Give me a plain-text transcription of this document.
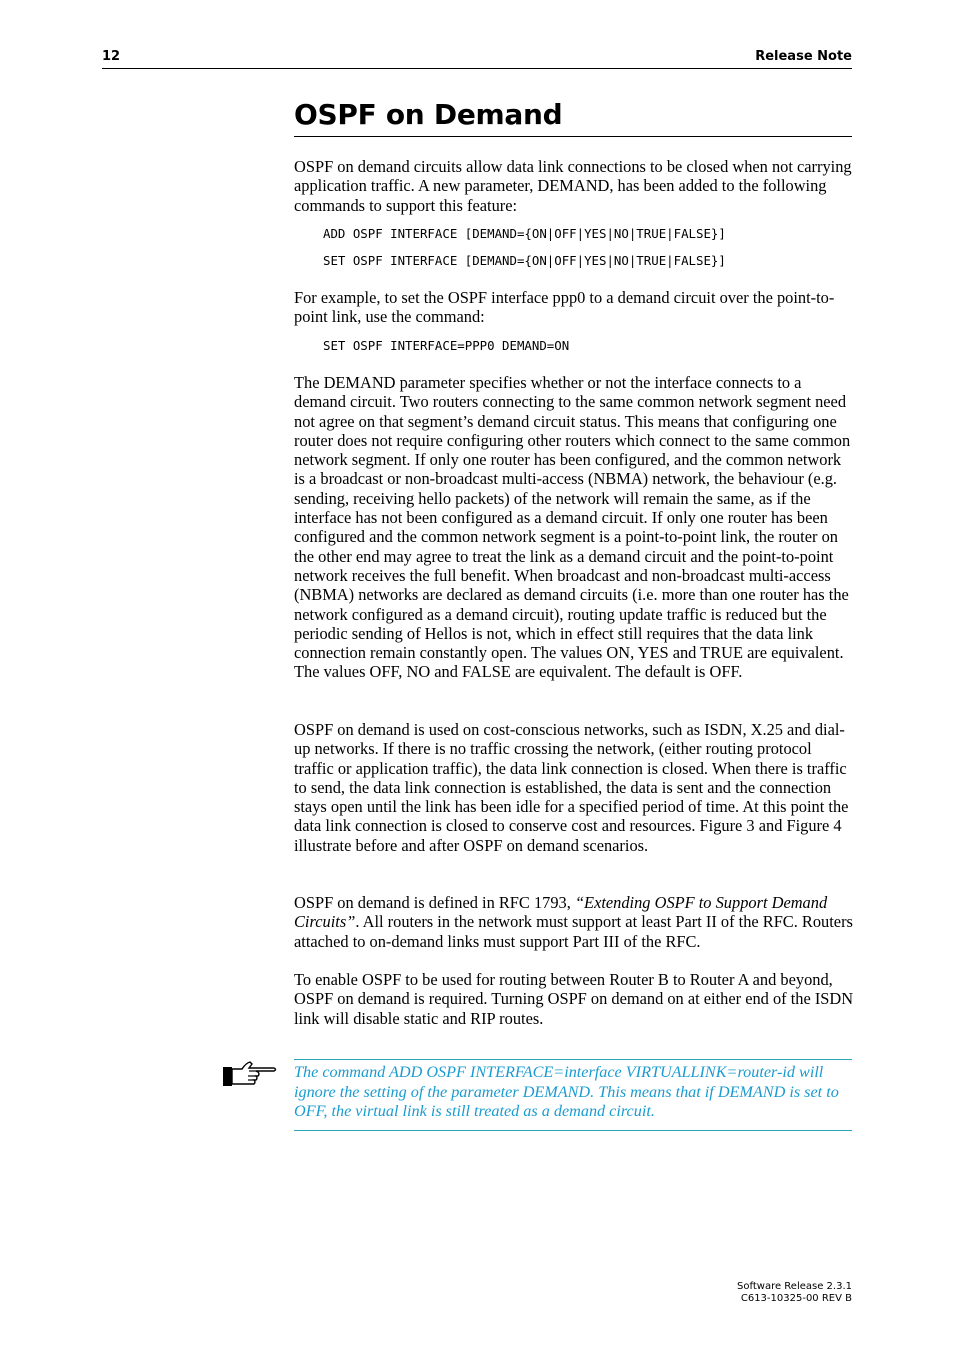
12	Release Note
OSPF on Demand

OSPF on demand circuits allow data link connections to be closed when not carrying application traffic. A new parameter, DEMAND, has been added to the following commands to support this feature:

ADD OSPF INTERFACE [DEMAND={ON|OFF|YES|NO|TRUE|FALSE}]

SET OSPF INTERFACE [DEMAND={ON|OFF|YES|NO|TRUE|FALSE}]

For example, to set the OSPF interface ppp0 to a demand circuit over the point-to-point link, use the command:

SET OSPF INTERFACE=PPP0 DEMAND=ON

The DEMAND parameter specifies whether or not the interface connects to a demand circuit. Two routers connecting to the same common network segment need not agree on that segment’s demand circuit status. This means that configuring one router does not require configuring other routers which connect to the same common network segment. If only one router has been configured, and the common network is a broadcast or non-broadcast multi-access (NBMA) network, the behaviour (e.g. sending, receiving hello packets) of the network will remain the same, as if the interface has not been configured as a demand circuit. If only one router has been configured and the common network segment is a point-to-point link, the router on the other end may agree to treat the link as a demand circuit and the point-to-point network receives the full benefit. When broadcast and non-broadcast multi-access (NBMA) networks are declared as demand circuits (i.e. more than one router has the network configured as a demand circuit), routing update traffic is reduced but the periodic sending of Hellos is not, which in effect still requires that the data link connection remain constantly open. The values ON, YES and TRUE are equivalent. The values OFF, NO and FALSE are equivalent. The default is OFF.

OSPF on demand is used on cost-conscious networks, such as ISDN, X.25 and dial-up networks. If there is no traffic crossing the network, (either routing protocol traffic or application traffic), the data link connection is closed. When there is traffic to send, the data link connection is established, the data is sent and the connection stays open until the link has been idle for a specified period of time. At this point the data link connection is closed to conserve cost and resources. Figure 3 and Figure 4 illustrate before and after OSPF on demand scenarios.

OSPF on demand is defined in RFC 1793, “Extending OSPF to Support Demand Circuits”. All routers in the network must support at least Part II of the RFC. Routers attached to on-demand links must support Part III of the RFC.

To enable OSPF to be used for routing between Router B to Router A and beyond, OSPF on demand is required. Turning OSPF on demand on at either end of the ISDN link will disable static and RIP routes.

The command ADD OSPF INTERFACE=interface VIRTUALLINK=router-id will ignore the setting of the parameter DEMAND. This means that if DEMAND is set to OFF, the virtual link is still treated as a demand circuit.

Software Release 2.3.1
C613-10325-00 REV B
